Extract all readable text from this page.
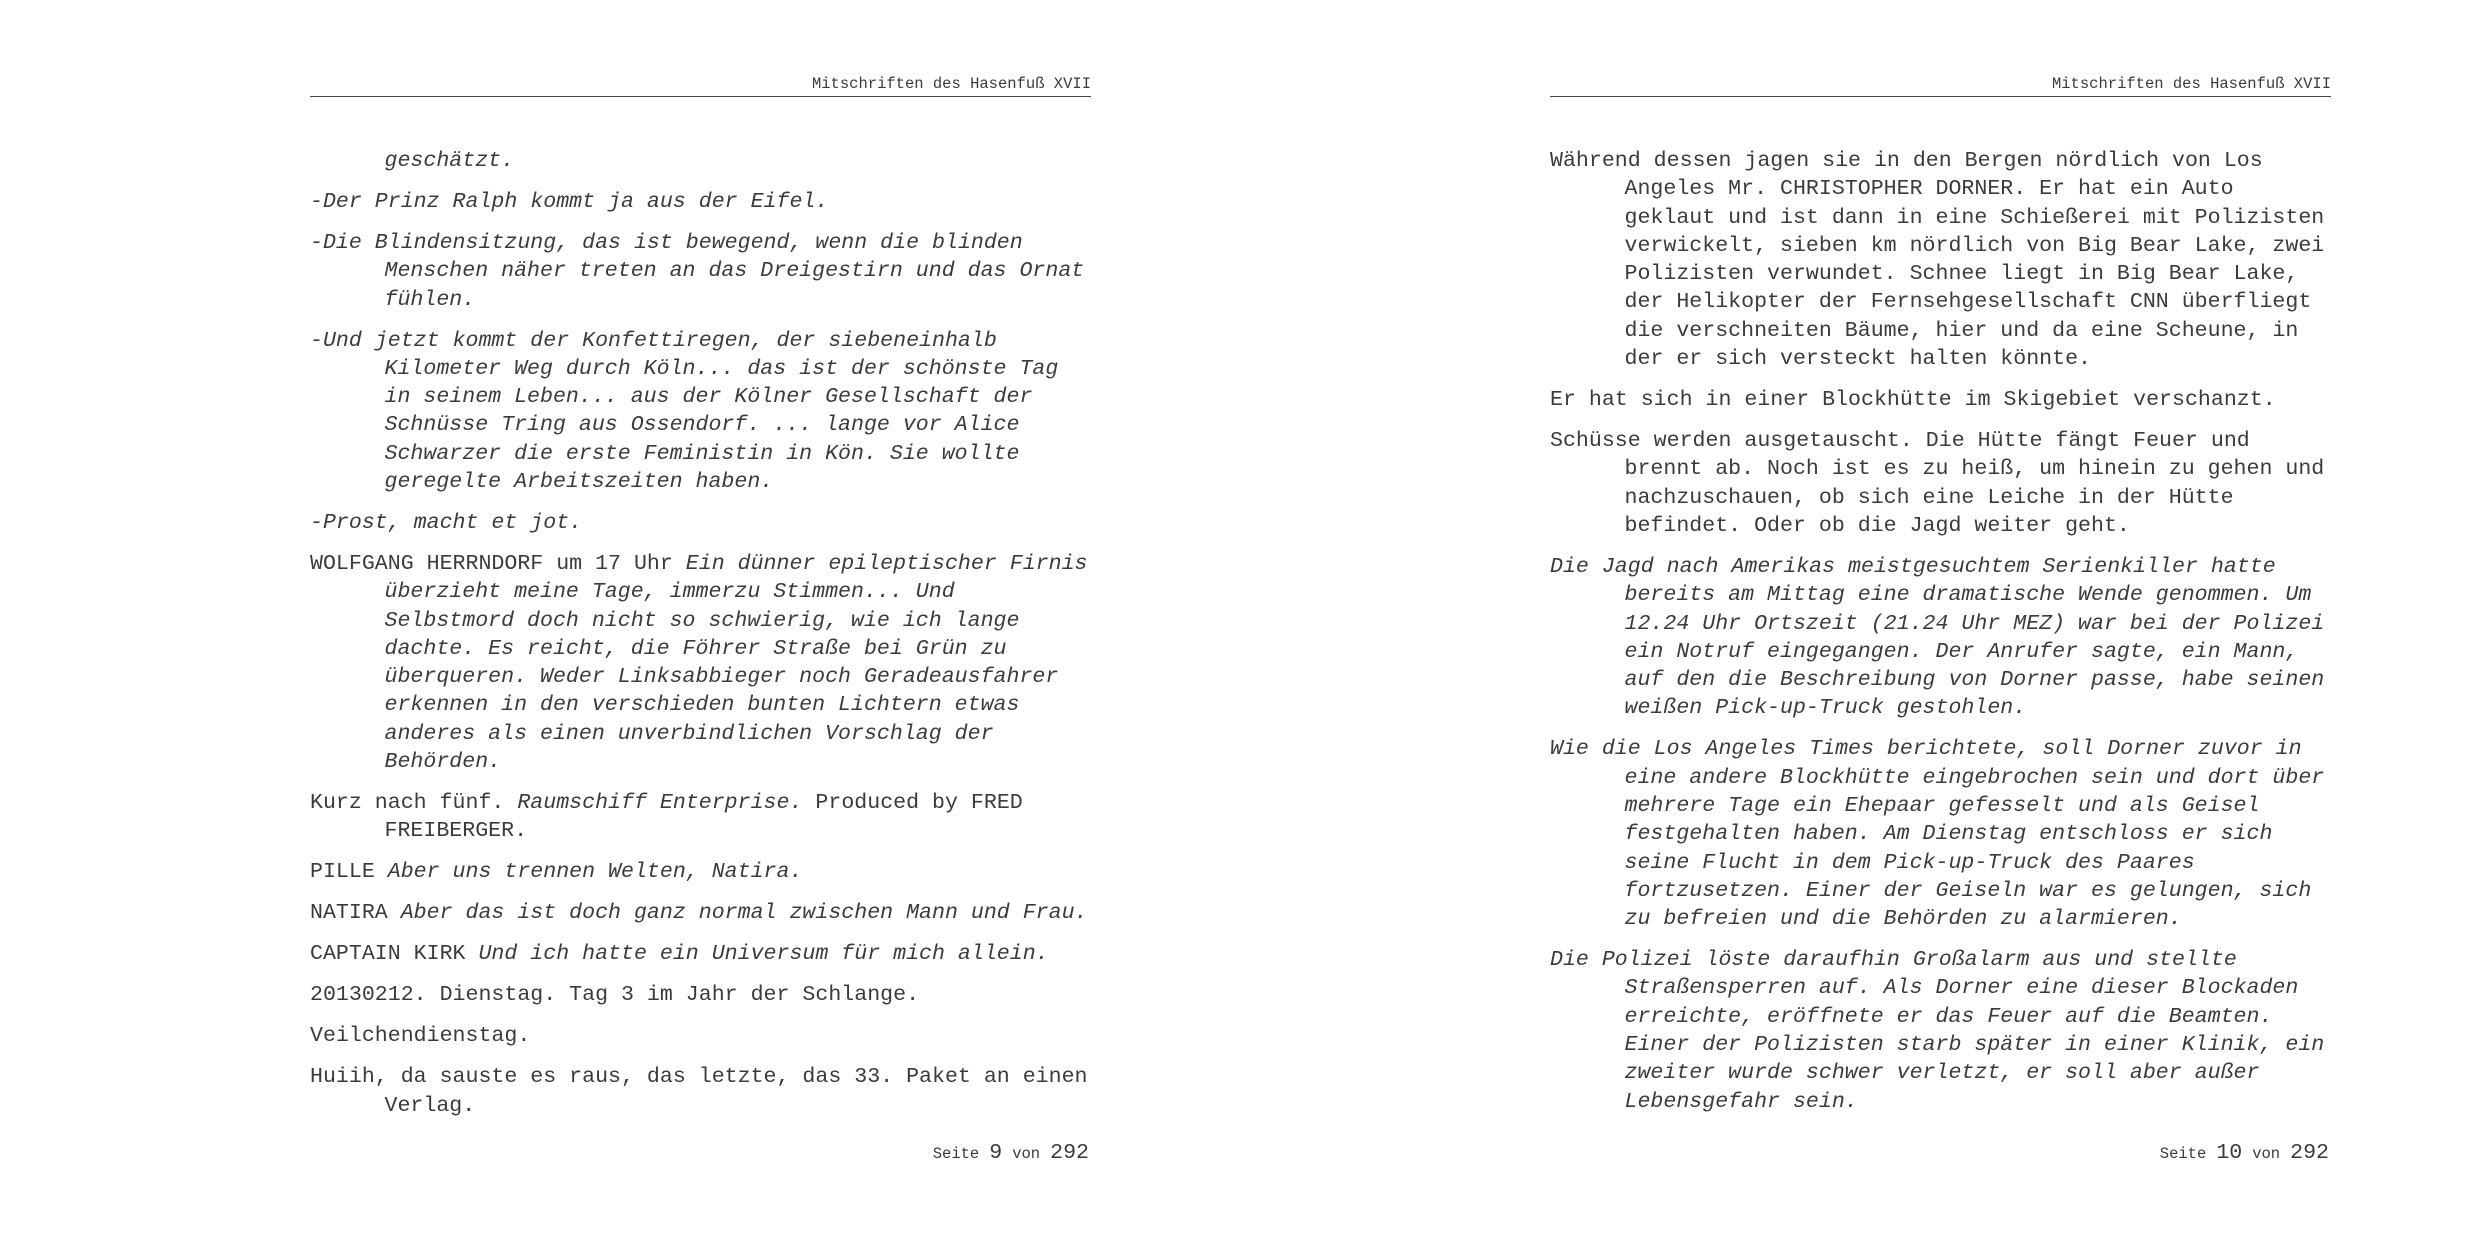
Mitschriften des Hasenfuß XVII

geschätzt.

-Der Prinz Ralph kommt ja aus der Eifel.

-Die Blindensitzung, das ist bewegend, wenn die blinden Menschen näher treten an das Dreigestirn und das Ornat fühlen.

-Und jetzt kommt der Konfettiregen, der siebeneinhalb Kilometer Weg durch Köln... das ist der schönste Tag in seinem Leben... aus der Kölner Gesellschaft der Schnüsse Tring aus Ossendorf. ... lange vor Alice Schwarzer die erste Feministin in Kön. Sie wollte geregelte Arbeitszeiten haben.

-Prost, macht et jot.

WOLFGANG HERRNDORF um 17 Uhr Ein dünner epileptischer Firnis überzieht meine Tage, immerzu Stimmen... Und Selbstmord doch nicht so schwierig, wie ich lange dachte. Es reicht, die Föhrer Straße bei Grün zu überqueren. Weder Linksabbieger noch Geradeausfahrer erkennen in den verschieden bunten Lichtern etwas anderes als einen unverbindlichen Vorschlag der Behörden.

Kurz nach fünf. Raumschiff Enterprise. Produced by FRED FREIBERGER.

PILLE Aber uns trennen Welten, Natira.

NATIRA Aber das ist doch ganz normal zwischen Mann und Frau.

CAPTAIN KIRK Und ich hatte ein Universum für mich allein.

20130212. Dienstag. Tag 3 im Jahr der Schlange.

Veilchendienstag.

Huiih, da sauste es raus, das letzte, das 33. Paket an einen Verlag.

Seite 9 von 292
Mitschriften des Hasenfuß XVII

Während dessen jagen sie in den Bergen nördlich von Los Angeles Mr. CHRISTOPHER DORNER. Er hat ein Auto geklaut und ist dann in eine Schießerei mit Polizisten verwickelt, sieben km nördlich von Big Bear Lake, zwei Polizisten verwundet. Schnee liegt in Big Bear Lake, der Helikopter der Fernsehgesellschaft CNN überfliegt die verschneiten Bäume, hier und da eine Scheune, in der er sich versteckt halten könnte.

Er hat sich in einer Blockhütte im Skigebiet verschanzt.

Schüsse werden ausgetauscht. Die Hütte fängt Feuer und brennt ab. Noch ist es zu heiß, um hinein zu gehen und nachzuschauen, ob sich eine Leiche in der Hütte befindet. Oder ob die Jagd weiter geht.

Die Jagd nach Amerikas meistgesuchtem Serienkiller hatte bereits am Mittag eine dramatische Wende genommen. Um 12.24 Uhr Ortszeit (21.24 Uhr MEZ) war bei der Polizei ein Notruf eingegangen. Der Anrufer sagte, ein Mann, auf den die Beschreibung von Dorner passe, habe seinen weißen Pick-up-Truck gestohlen.

Wie die Los Angeles Times berichtete, soll Dorner zuvor in eine andere Blockhütte eingebrochen sein und dort über mehrere Tage ein Ehepaar gefesselt und als Geisel festgehalten haben. Am Dienstag entschloss er sich seine Flucht in dem Pick-up-Truck des Paares fortzusetzen. Einer der Geiseln war es gelungen, sich zu befreien und die Behörden zu alarmieren.

Die Polizei löste daraufhin Großalarm aus und stellte Straßensperren auf. Als Dorner eine dieser Blockaden erreichte, eröffnete er das Feuer auf die Beamten. Einer der Polizisten starb später in einer Klinik, ein zweiter wurde schwer verletzt, er soll aber außer Lebensgefahr sein.

Seite 10 von 292
